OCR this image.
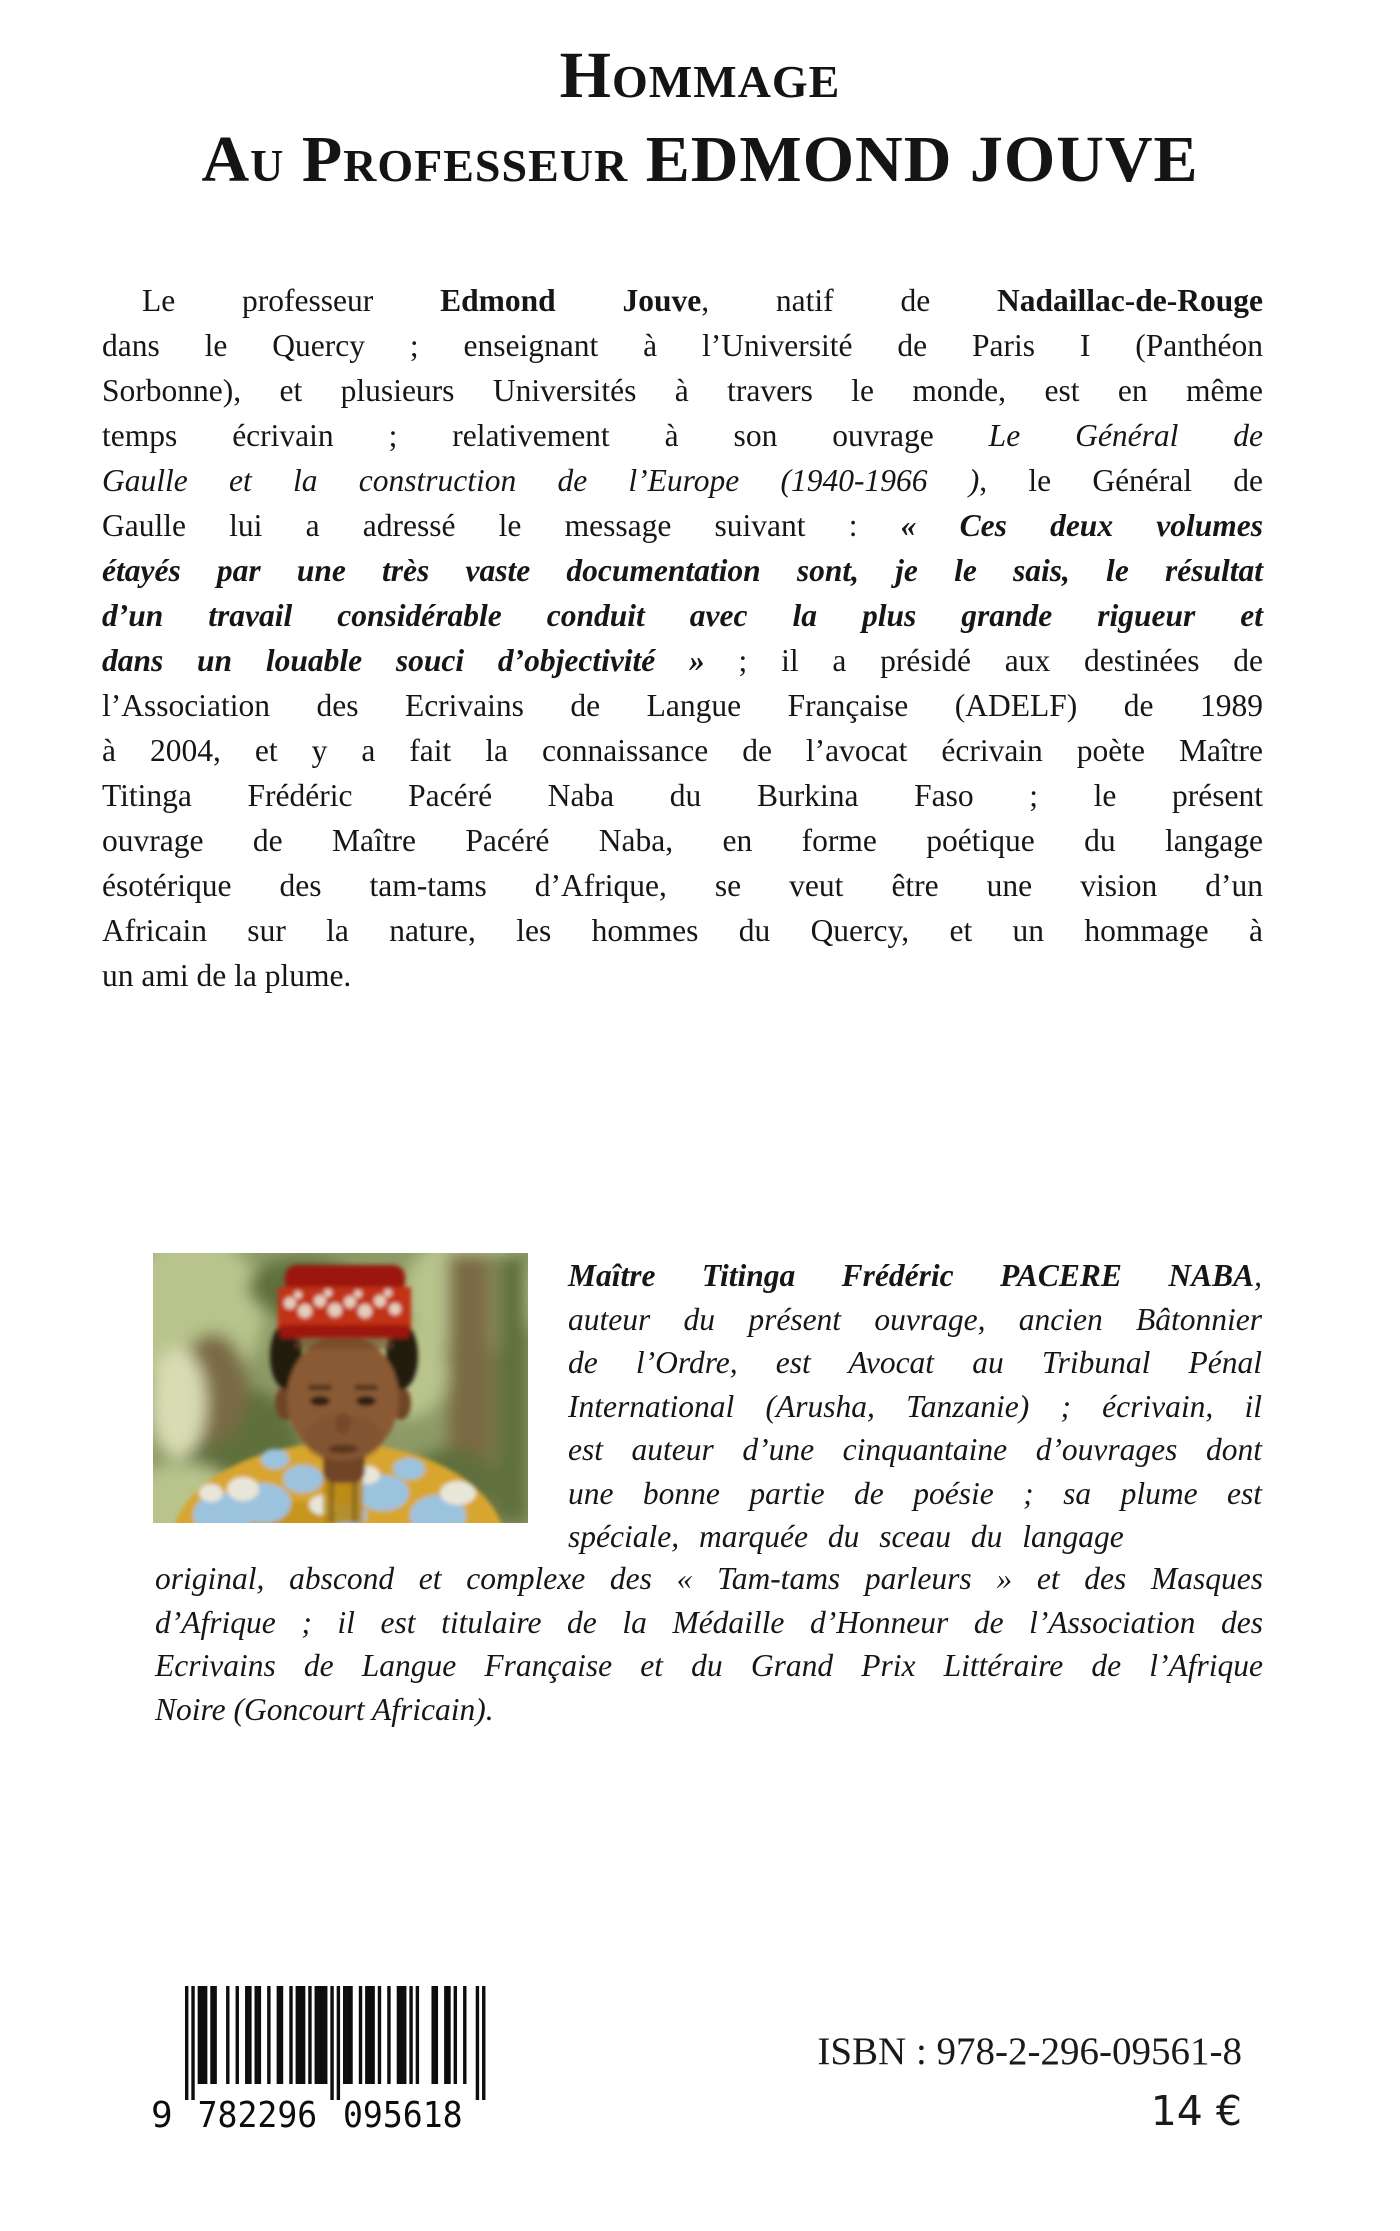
Hommage
Au Professeur EDMOND JOUVE
Le professeur Edmond Jouve, natif de Nadaillac-de-Rouge
dans le Quercy ; enseignant à l’Université de Paris I (Panthéon
Sorbonne), et plusieurs Universités à travers le monde, est en même
temps écrivain ; relativement à son ouvrage Le Général de
Gaulle et la construction de l’Europe (1940-1966 ), le Général de
Gaulle lui a adressé le message suivant : « Ces deux volumes
étayés par une très vaste documentation sont, je le sais, le résultat
d’un travail considérable conduit avec la plus grande rigueur et
dans un louable souci d’objectivité » ; il a présidé aux destinées de
l’Association des Ecrivains de Langue Française (ADELF) de 1989
à 2004, et y a fait la connaissance de l’avocat écrivain poète Maître
Titinga Frédéric Pacéré Naba du Burkina Faso ; le présent
ouvrage de Maître Pacéré Naba, en forme poétique du langage
ésotérique des tam-tams d’Afrique, se veut être une vision d’un
Africain sur la nature, les hommes du Quercy, et un hommage à
un ami de la plume.
Maître Titinga Frédéric PACERE NABA,
auteur du présent ouvrage, ancien Bâtonnier
de l’Ordre, est Avocat au Tribunal Pénal
International (Arusha, Tanzanie) ; écrivain, il
est auteur d’une cinquantaine d’ouvrages dont
une bonne partie de poésie ; sa plume est
spéciale, marquée du sceau du langage
original, abscond et complexe des « Tam-tams parleurs » et des Masques
d’Afrique ; il est titulaire de la Médaille d’Honneur de l’Association des
Ecrivains de Langue Française et du Grand Prix Littéraire de l’Afrique
Noire (Goncourt Africain).
9 782296 095618
ISBN : 978-2-296-09561-8
14 €
